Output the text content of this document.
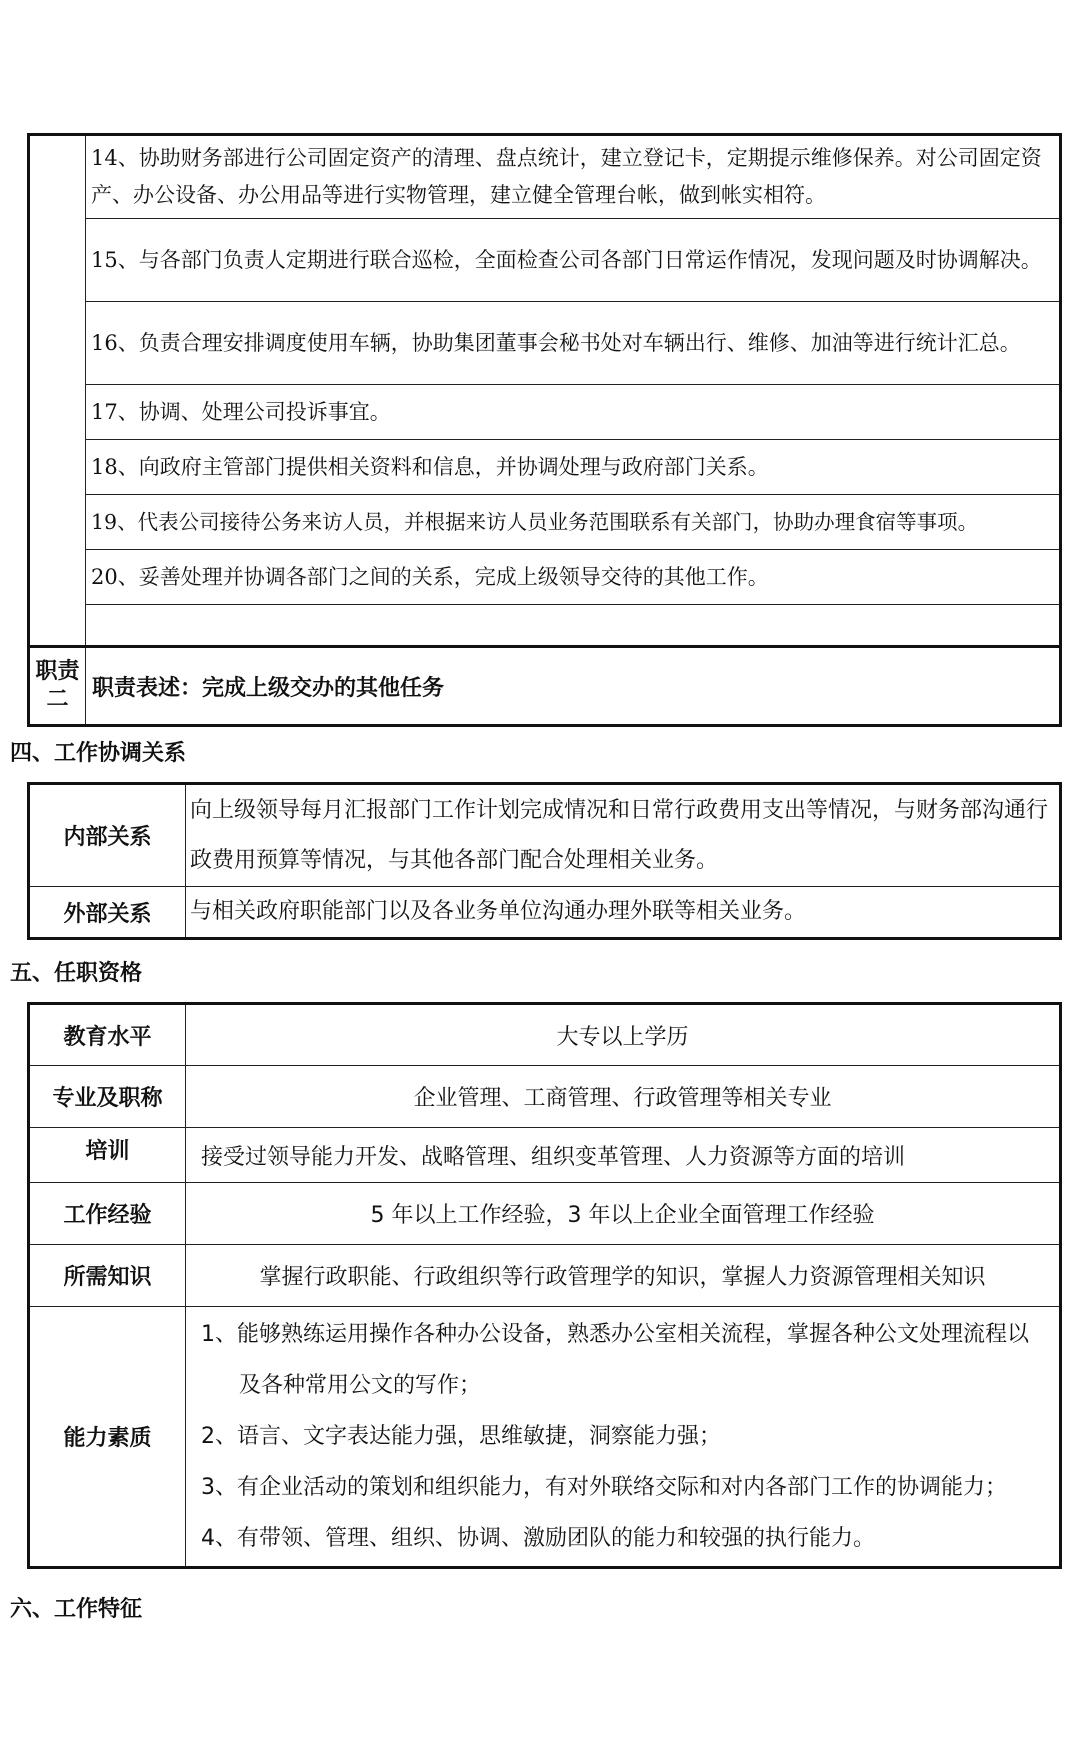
	14、协助财务部进行公司固定资产的清理、盘点统计，建立登记卡，定期提示维修保养。对公司固定资产、办公设备、办公用品等进行实物管理，建立健全管理台帐，做到帐实相符。
	15、与各部门负责人定期进行联合巡检，全面检查公司各部门日常运作情况，发现问题及时协调解决。
	16、负责合理安排调度使用车辆，协助集团董事会秘书处对车辆出行、维修、加油等进行统计汇总。
	17、协调、处理公司投诉事宜。
	18、向政府主管部门提供相关资料和信息，并协调处理与政府部门关系。
	19、代表公司接待公务来访人员，并根据来访人员业务范围联系有关部门，协助办理食宿等事项。
	20、妥善处理并协调各部门之间的关系，完成上级领导交待的其他工作。

职责二	职责表述：完成上级交办的其他任务
四、工作协调关系
内部关系	向上级领导每月汇报部门工作计划完成情况和日常行政费用支出等情况，与财务部沟通行政费用预算等情况，与其他各部门配合处理相关业务。
外部关系	与相关政府职能部门以及各业务单位沟通办理外联等相关业务。
五、任职资格
教育水平	大专以上学历
专业及职称	企业管理、工商管理、行政管理等相关专业
培训	接受过领导能力开发、战略管理、组织变革管理、人力资源等方面的培训
工作经验	5 年以上工作经验，3 年以上企业全面管理工作经验
所需知识	掌握行政职能、行政组织等行政管理学的知识，掌握人力资源管理相关知识
能力素质	1、能够熟练运用操作各种办公设备，熟悉办公室相关流程，掌握各种公文处理流程以
及各种常用公文的写作；
2、语言、文字表达能力强，思维敏捷，洞察能力强；
3、有企业活动的策划和组织能力，有对外联络交际和对内各部门工作的协调能力；
4、有带领、管理、组织、协调、激励团队的能力和较强的执行能力。
六、工作特征
